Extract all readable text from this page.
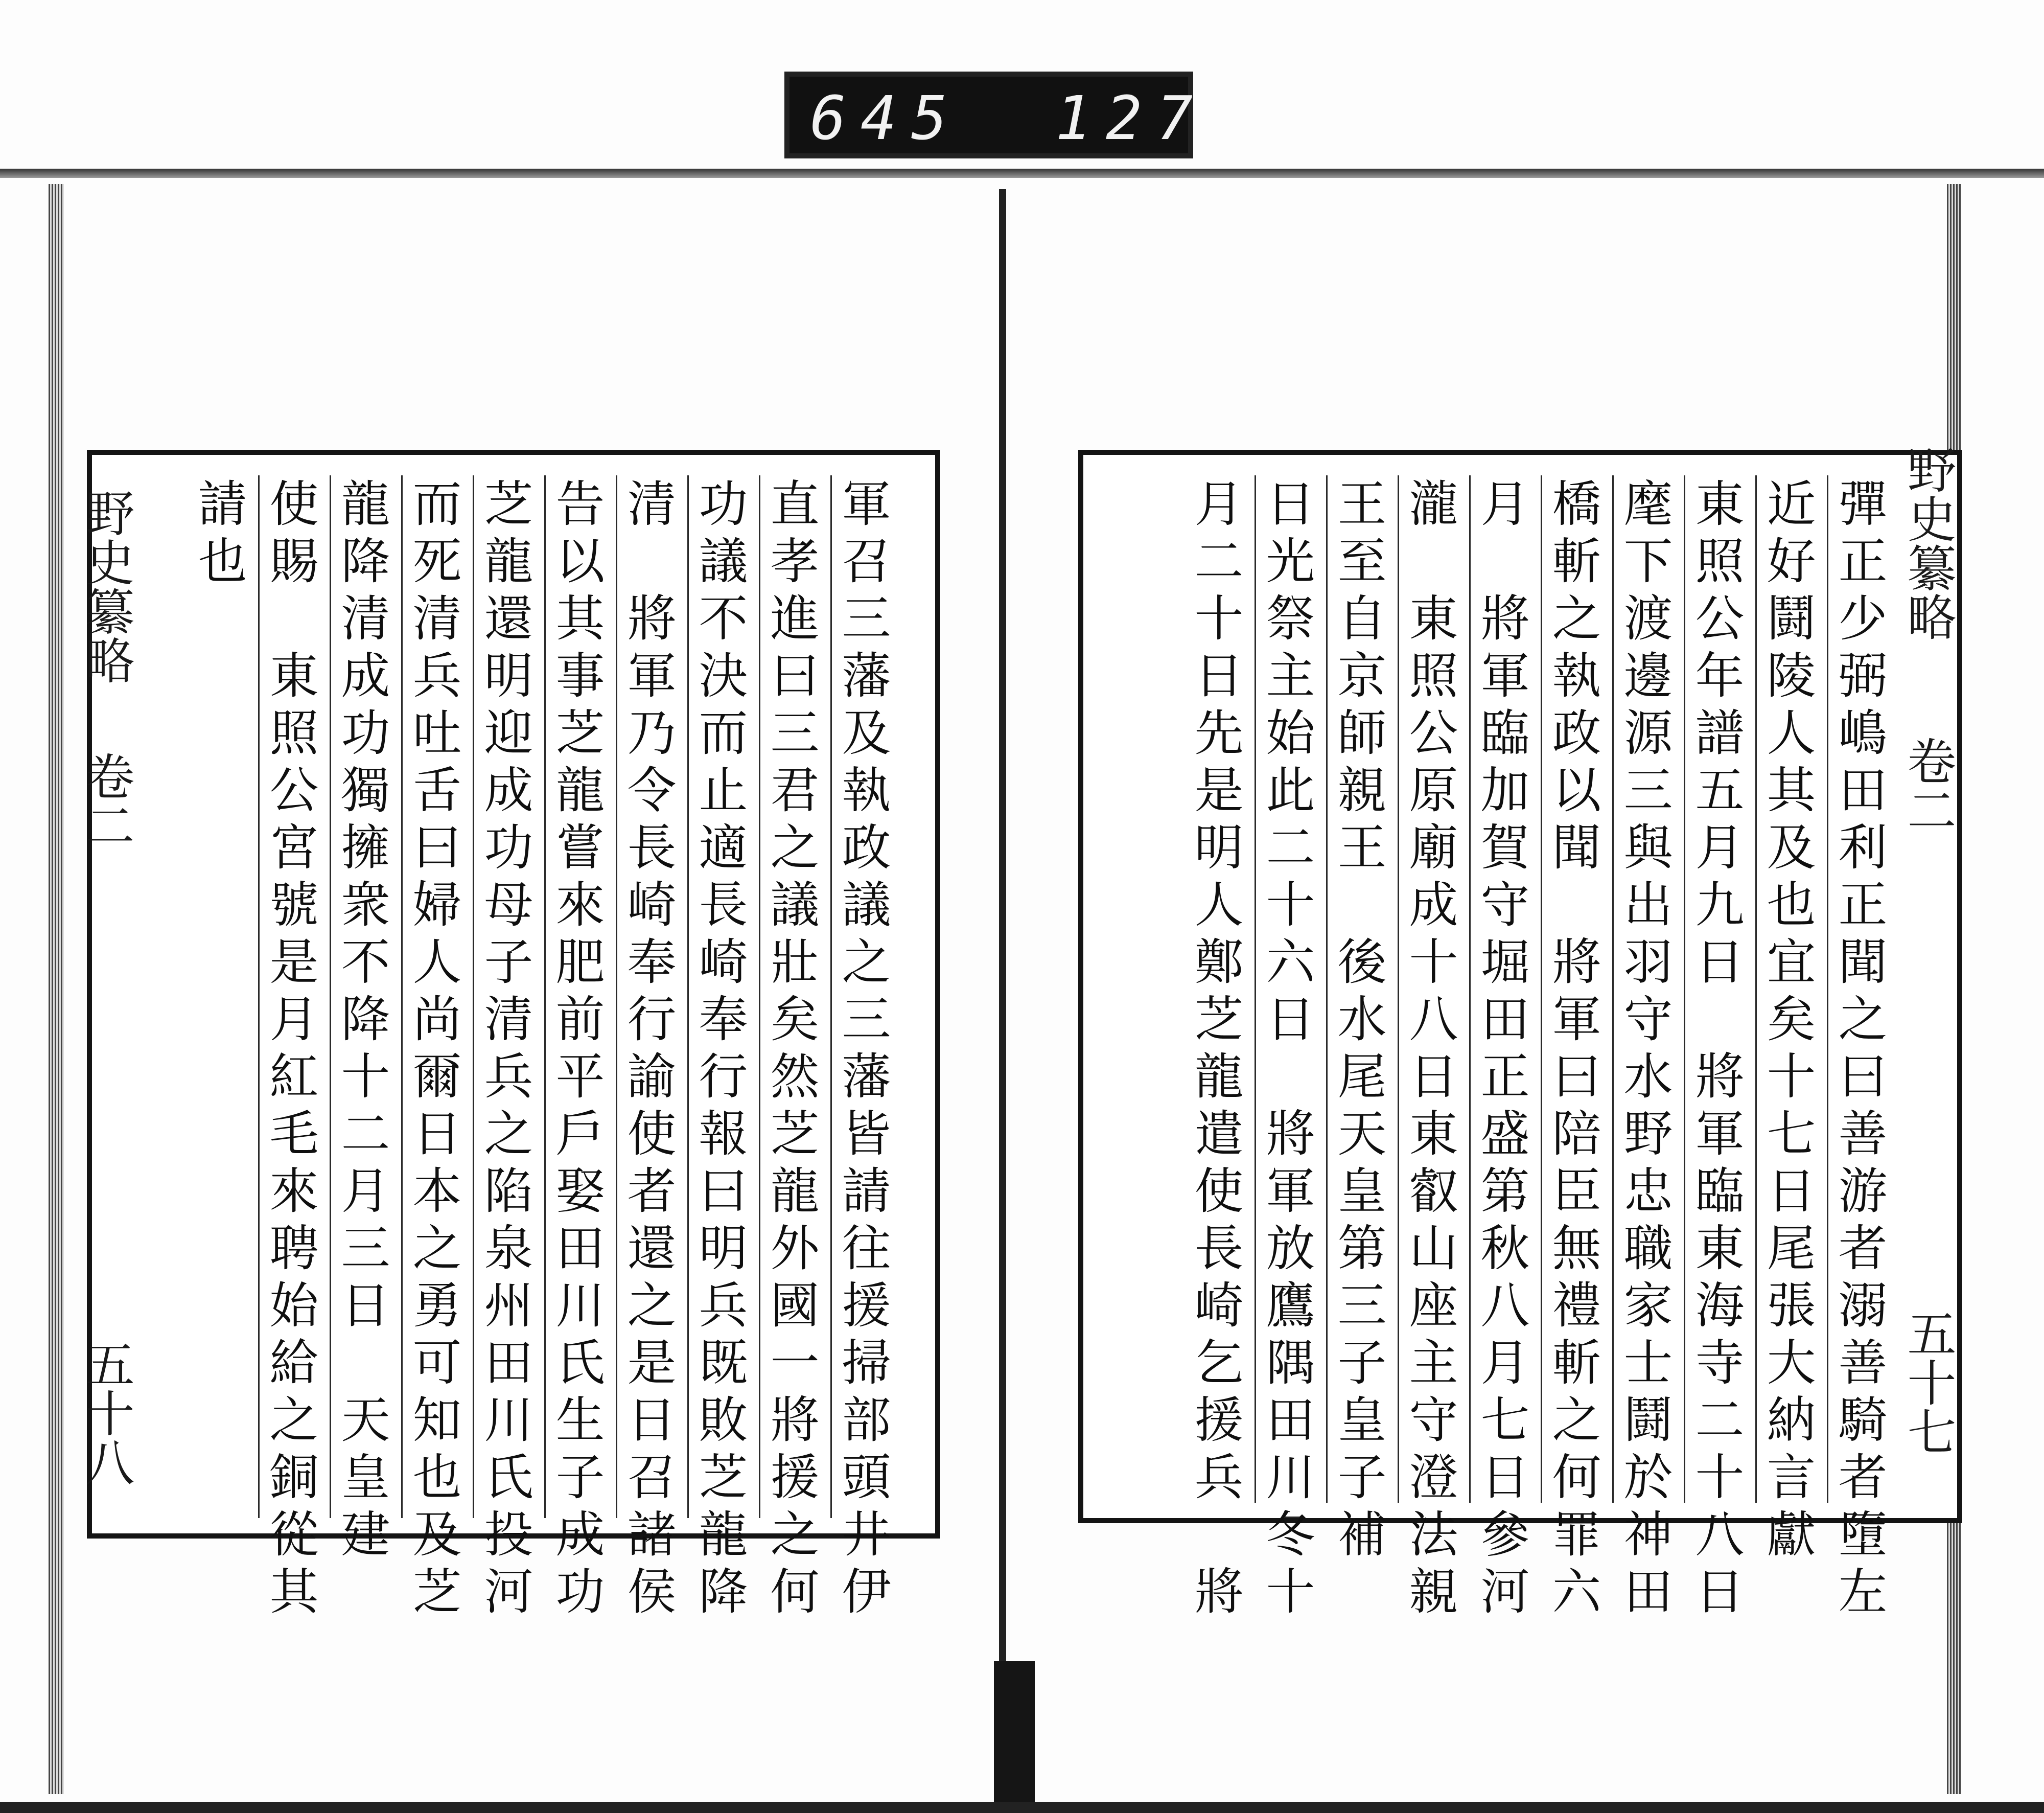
645 127
野史纂略
卷二
五十八	軍召三藩及執政議之三藩皆請往援掃部頭井伊
直孝進曰三君之議壯矣然芝龍外國一將援之何
功議不決而止適長崎奉行報曰明兵既敗芝龍降
清　將軍乃令長崎奉行諭使者還之是日召諸侯
告以其事芝龍嘗來肥前平戶娶田川氏生子成功
芝龍還明迎成功母子清兵之陷泉州田川氏投河
而死清兵吐舌曰婦人尚爾日本之勇可知也及芝
龍降清成功獨擁衆不降十二月三日　天皇建
使賜　東照公宮號是月紅毛來聘始給之銅從其
請也	野史纂略
卷二
五十七
彈正少弼嶋田利正聞之曰善游者溺善騎者墮左
近好鬪陵人其及也宜矣十七日尾張大納言獻
東照公年譜五月九日　將軍臨東海寺二十八日
麾下渡邊源三與出羽守水野忠職家士鬪於神田
橋斬之執政以聞　將軍曰陪臣無禮斬之何罪六
月　將軍臨加賀守堀田正盛第秋八月七日參河
瀧　東照公原廟成十八日東叡山座主守澄法親
王至自京師親王　後水尾天皇第三子皇子補
日光祭主始此二十六日　將軍放鷹隅田川冬十
月二十日先是明人鄭芝龍遣使長崎乞援兵　將
